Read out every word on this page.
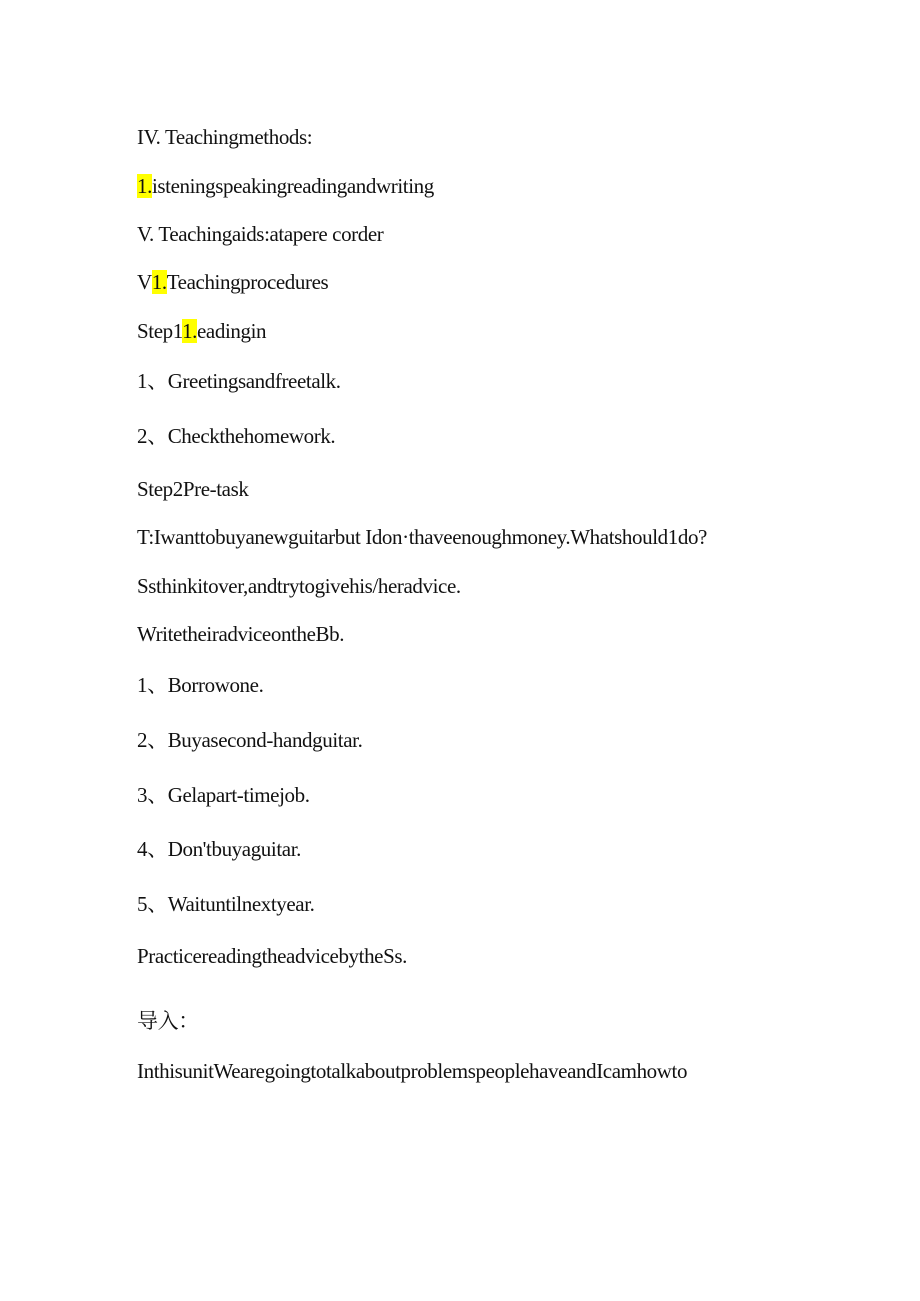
IV. Teachingmethods:
1.isteningspeakingreadingandwriting
V. Teachingaids:atapere corder
V1.Teachingprocedures
Step11.eadingin
1、Greetingsandfreetalk.
2、Checkthehomework.
Step2Pre-task
T:Iwanttobuyanewguitarbut Idon·thaveenoughmoney.Whatshould1do?
Ssthinkitover,andtrytogivehis/heradvice.
WritetheiradviceontheBb.
1、Borrowone.
2、Buyasecond-handguitar.
3、Gelapart-timejob.
4、Don'tbuyaguitar.
5、Waituntilnextyear.
PracticereadingtheadvicebytheSs.
导入：
InthisunitWearegoingtotalkaboutproblemspeoplehaveandIcamhowto
